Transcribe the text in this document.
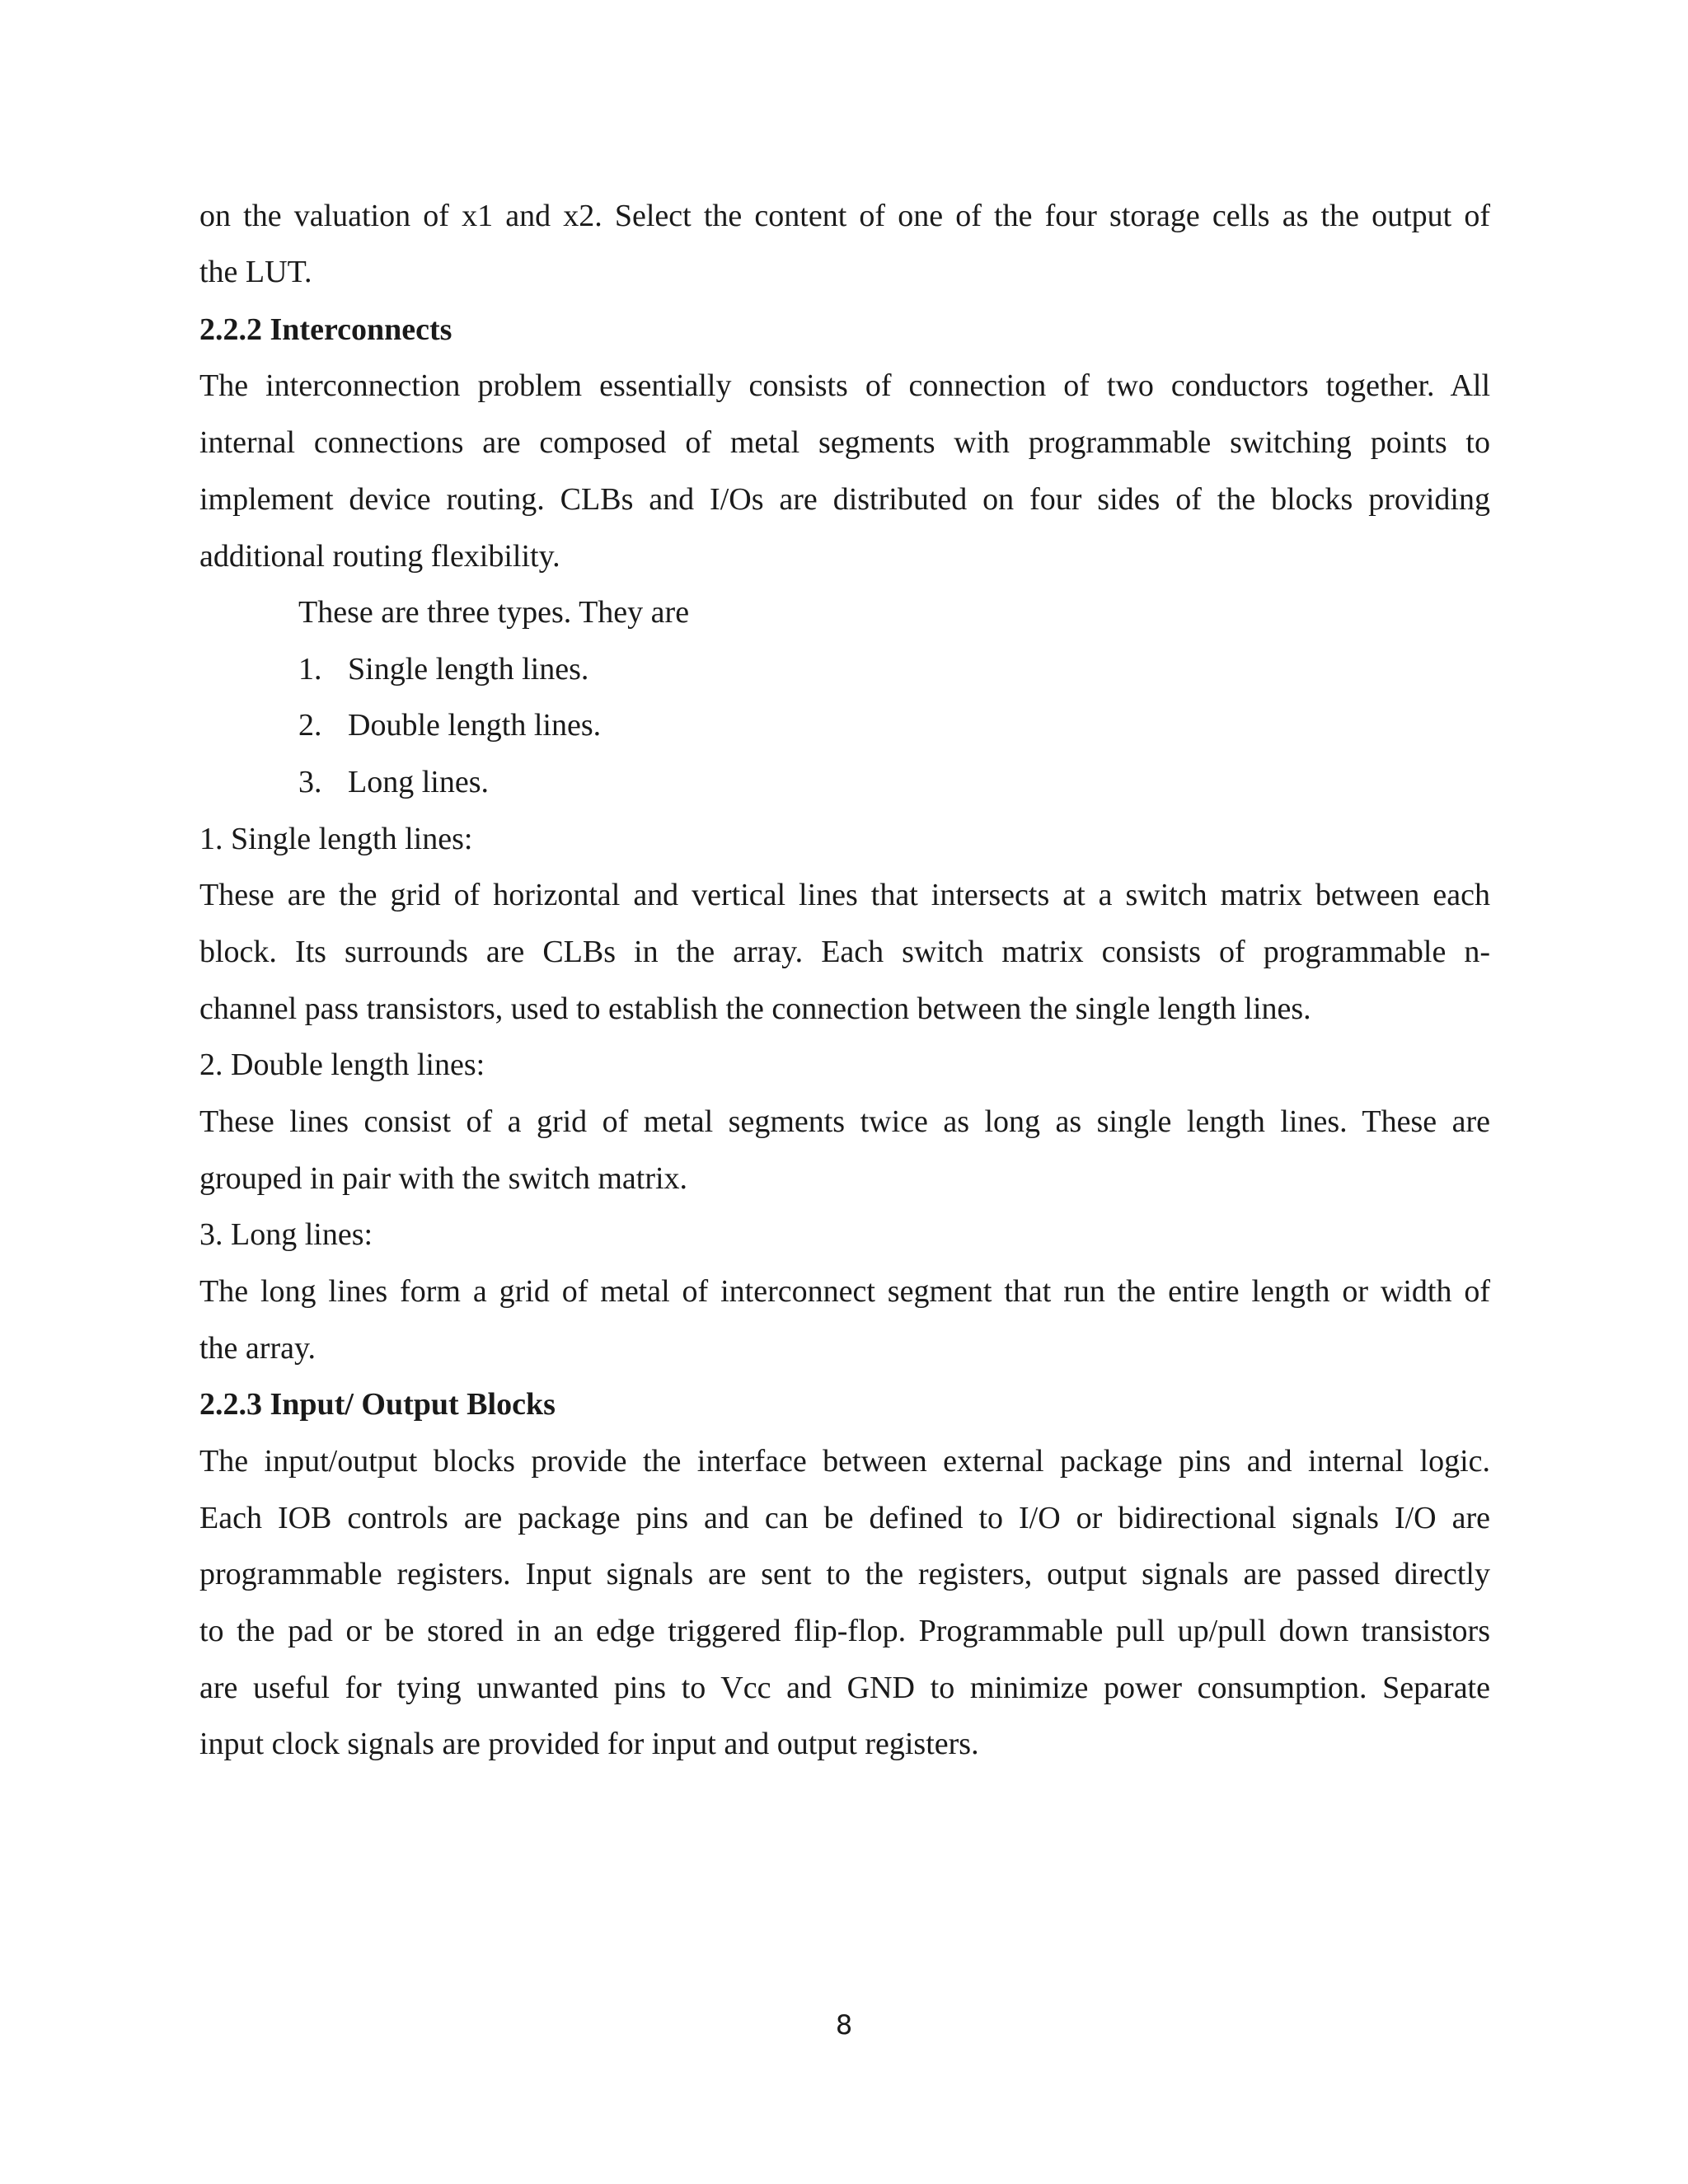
on the valuation of x1 and x2. Select the content of one of the four storage cells as the output of
the LUT.
2.2.2 Interconnects
The interconnection problem essentially consists of connection of two conductors together. All
internal connections are composed of metal segments with programmable switching points to
implement device routing. CLBs and I/Os are distributed on four sides of the blocks providing
additional routing flexibility.
These are three types. They are
1. Single length lines.
2. Double length lines.
3. Long lines.
1. Single length lines:
These are the grid of horizontal and vertical lines that intersects at a switch matrix between each
block. Its surrounds are CLBs in the array. Each switch matrix consists of programmable n-
channel pass transistors, used to establish the connection between the single length lines.
2. Double length lines:
These lines consist of a grid of metal segments twice as long as single length lines. These are
grouped in pair with the switch matrix.
3. Long lines:
The long lines form a grid of metal of interconnect segment that run the entire length or width of
the array.
2.2.3 Input/ Output Blocks
The input/output blocks provide the interface between external package pins and internal logic.
Each IOB controls are package pins and can be defined to I/O or bidirectional signals I/O are
programmable registers. Input signals are sent to the registers, output signals are passed directly
to the pad or be stored in an edge triggered flip-flop. Programmable pull up/pull down transistors
are useful for tying unwanted pins to Vcc and GND to minimize power consumption. Separate
input clock signals are provided for input and output registers.
8
